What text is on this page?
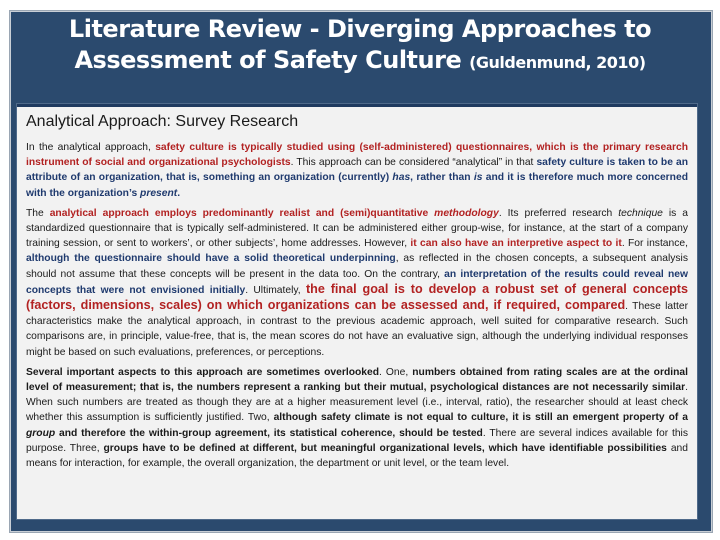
Literature Review - Diverging Approaches to
Assessment of Safety Culture (Guldenmund, 2010)
Analytical Approach: Survey Research

In the analytical approach, safety culture is typically studied using (self-administered) questionnaires, which is the primary research instrument of social and organizational psychologists. This approach can be considered “analytical” in that safety culture is taken to be an attribute of an organization, that is, something an organization (currently) has, rather than is and it is therefore much more concerned with the organization’s present.

The analytical approach employs predominantly realist and (semi)quantitative methodology. Its preferred research technique is a standardized questionnaire that is typically self-administered. It can be administered either group-wise, for instance, at the start of a company training session, or sent to workers’, or other subjects’, home addresses. However, it can also have an interpretive aspect to it. For instance, although the questionnaire should have a solid theoretical underpinning, as reflected in the chosen concepts, a subsequent analysis should not assume that these concepts will be present in the data too. On the contrary, an interpretation of the results could reveal new concepts that were not envisioned initially. Ultimately, the final goal is to develop a robust set of general concepts (factors, dimensions, scales) on which organizations can be assessed and, if required, compared. These latter characteristics make the analytical approach, in contrast to the previous academic approach, well suited for comparative research. Such comparisons are, in principle, value-free, that is, the mean scores do not have an evaluative sign, although the underlying individual responses might be based on such evaluations, preferences, or perceptions.

Several important aspects to this approach are sometimes overlooked. One, numbers obtained from rating scales are at the ordinal level of measurement; that is, the numbers represent a ranking but their mutual, psychological distances are not necessarily similar. When such numbers are treated as though they are at a higher measurement level (i.e., interval, ratio), the researcher should at least check whether this assumption is sufficiently justified. Two, although safety climate is not equal to culture, it is still an emergent property of a group and therefore the within-group agreement, its statistical coherence, should be tested. There are several indices available for this purpose. Three, groups have to be defined at different, but meaningful organizational levels, which have identifiable possibilities and means for interaction, for example, the overall organization, the department or unit level, or the team level.
